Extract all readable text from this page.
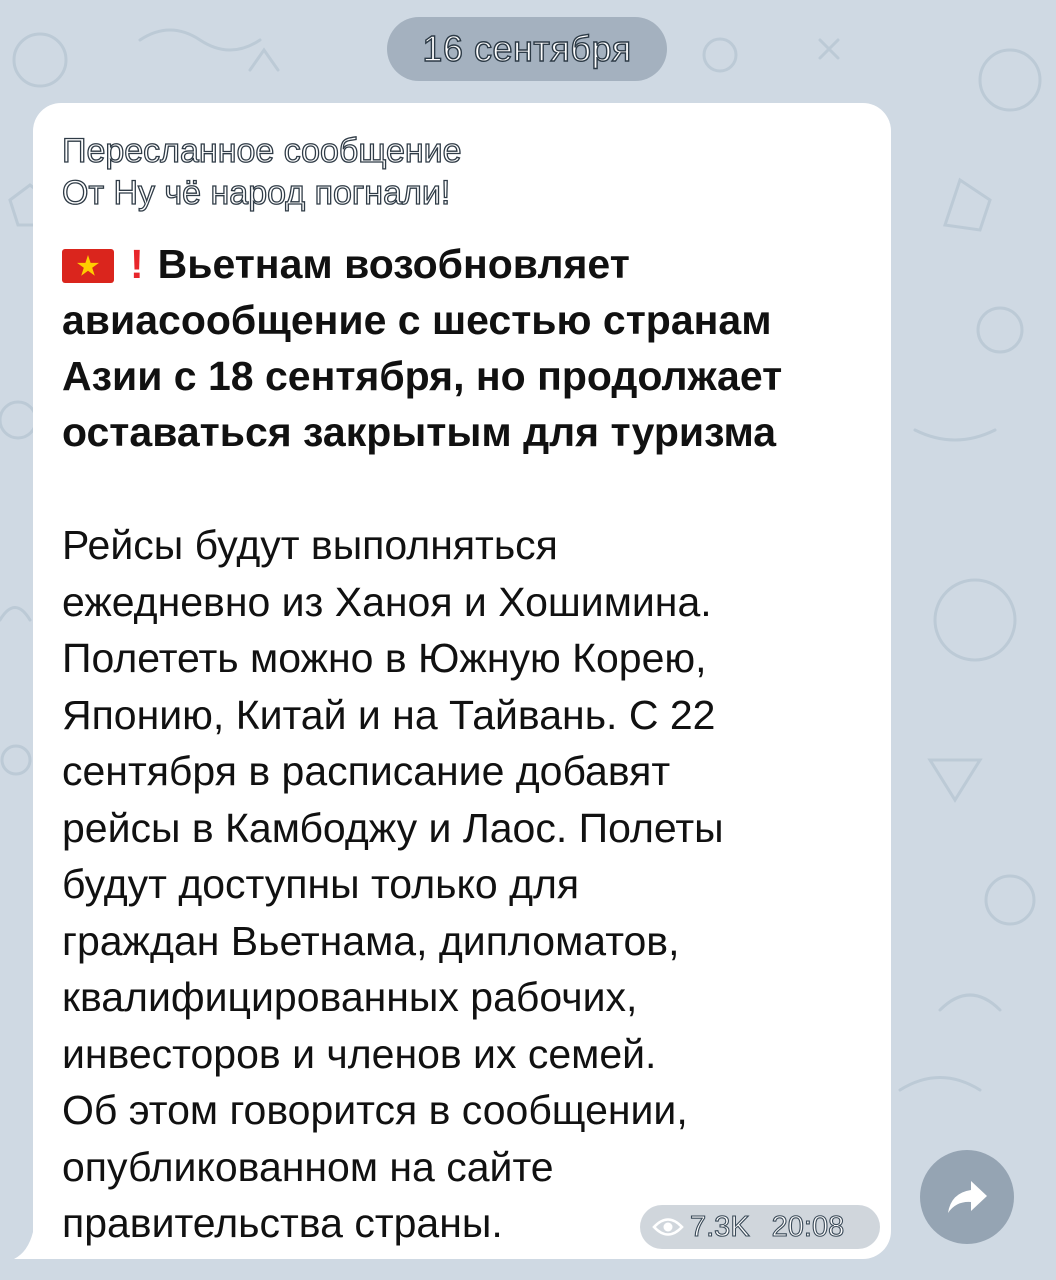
16 сентября
Пересланное сообщение
От Ну чё народ погнали!
! Вьетнам возобновляет
авиасообщение с шестью странам
Азии с 18 сентября, но продолжает
оставаться закрытым для туризма
Рейсы будут выполняться
ежедневно из Ханоя и Хошимина.
Полететь можно в Южную Корею,
Японию, Китай и на Тайвань. С 22
сентября в расписание добавят
рейсы в Камбоджу и Лаос. Полеты
будут доступны только для
граждан Вьетнама, дипломатов,
квалифицированных рабочих,
инвесторов и членов их семей.
Об этом говорится в сообщении,
опубликованном на сайте
правительства страны.	7.3K 20:08
